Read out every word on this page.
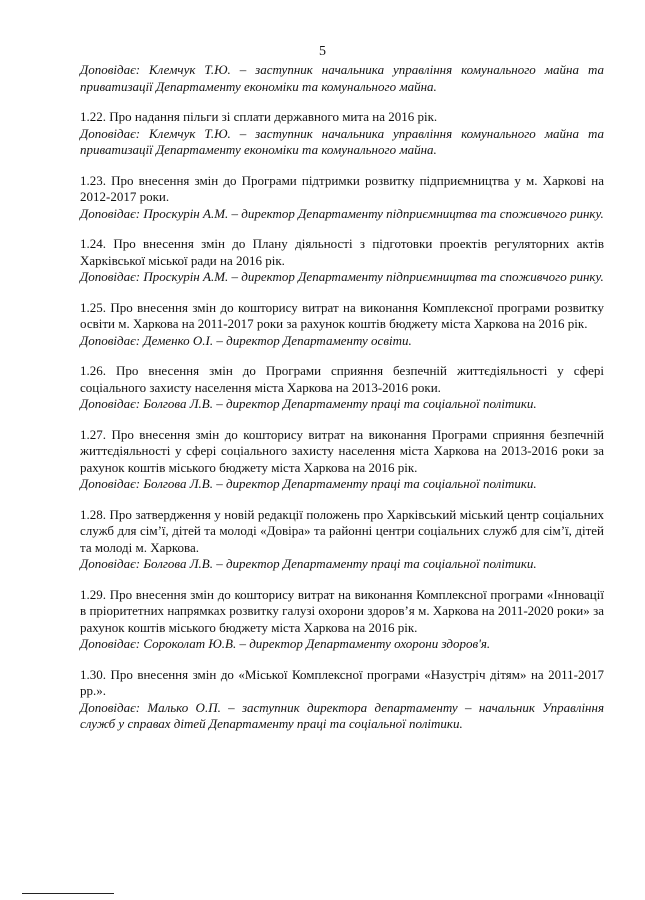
5

Доповідає: Клемчук Т.Ю. – заступник начальника управління комунального майна та приватизації Департаменту економіки та комунального майна.

1.22. Про надання пільги зі сплати державного мита на 2016 рік.

Доповідає: Клемчук Т.Ю. – заступник начальника управління комунального майна та приватизації Департаменту економіки та комунального майна.

1.23. Про внесення змін до Програми підтримки розвитку підприємництва у м. Харкові на 2012-2017 роки.

Доповідає: Проскурін А.М. – директор Департаменту підприємництва та споживчого ринку.

1.24. Про внесення змін до Плану діяльності з підготовки проектів регуляторних актів Харківської міської ради на 2016 рік.

Доповідає: Проскурін А.М. – директор Департаменту підприємництва та споживчого ринку.

1.25. Про внесення змін до кошторису витрат на виконання Комплексної програми розвитку освіти м. Харкова на 2011-2017 роки за рахунок коштів бюджету міста Харкова на 2016 рік.

Доповідає: Деменко О.І. – директор Департаменту освіти.

1.26. Про внесення змін до Програми сприяння безпечній життєдіяльності у сфері соціального захисту населення міста Харкова на 2013-2016 роки.

Доповідає: Болгова Л.В. – директор Департаменту праці та соціальної політики.

1.27. Про внесення змін до кошторису витрат на виконання Програми сприяння безпечній життєдіяльності у сфері соціального захисту населення міста Харкова на 2013-2016 роки за рахунок коштів міського бюджету міста Харкова на 2016 рік.

Доповідає: Болгова Л.В. – директор Департаменту праці та соціальної політики.

1.28. Про затвердження у новій редакції положень про Харківський міський центр соціальних служб для сім’ї, дітей та молоді «Довіра» та районні центри соціальних служб для сім’ї, дітей та молоді м. Харкова.

Доповідає: Болгова Л.В. – директор Департаменту праці та соціальної політики.

1.29. Про внесення змін до кошторису витрат на виконання Комплексної програми «Інновації в пріоритетних напрямках розвитку галузі охорони здоров’я м. Харкова на 2011-2020 роки» за рахунок коштів міського бюджету міста Харкова на 2016 рік.

Доповідає: Сороколат Ю.В. – директор Департаменту охорони здоров'я.

1.30. Про внесення змін до «Міської Комплексної програми «Назустріч дітям» на 2011-2017 рр.».

Доповідає: Малько О.П. – заступник директора департаменту – начальник Управління служб у справах дітей Департаменту праці та соціальної політики.
